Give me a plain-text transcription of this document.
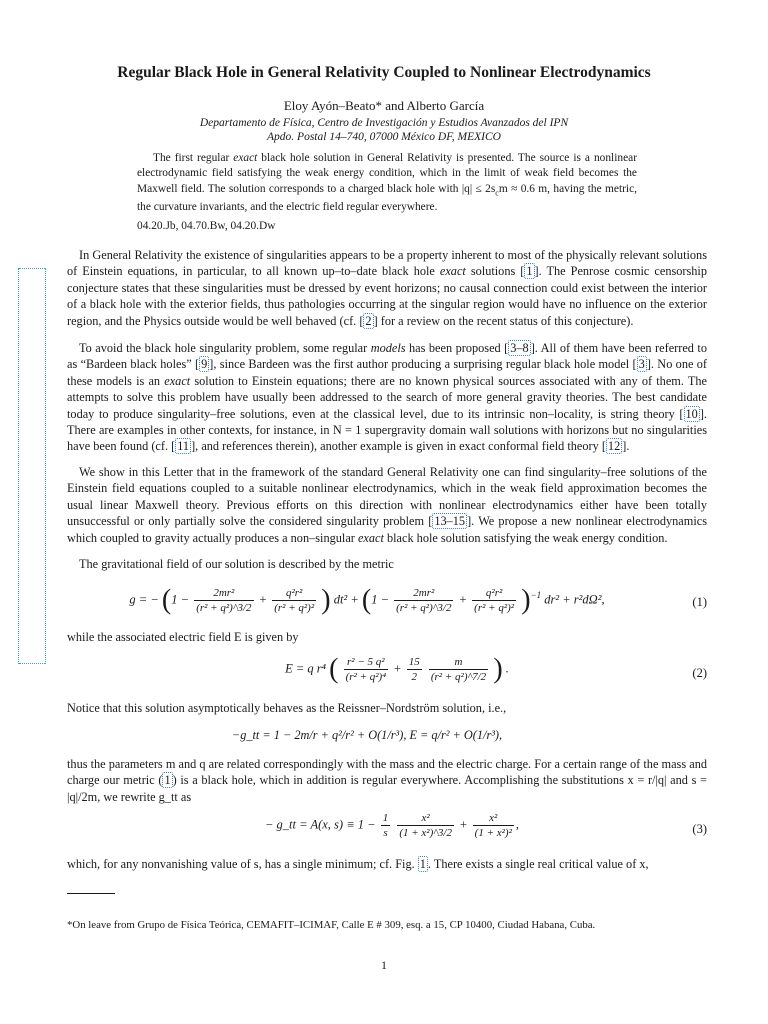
Regular Black Hole in General Relativity Coupled to Nonlinear Electrodynamics
Eloy Ayón–Beato* and Alberto García
Departamento de Física, Centro de Investigación y Estudios Avanzados del IPN
Apdo. Postal 14–740, 07000 México DF, MEXICO
The first regular exact black hole solution in General Relativity is presented. The source is a nonlinear electrodynamic field satisfying the weak energy condition, which in the limit of weak field becomes the Maxwell field. The solution corresponds to a charged black hole with $|q| \le 2s_cm \approx 0.6$ m, having the metric, the curvature invariants, and the electric field regular everywhere.
04.20.Jb, 04.70.Bw, 04.20.Dw
In General Relativity the existence of singularities appears to be a property inherent to most of the physically relevant solutions of Einstein equations, in particular, to all known up–to–date black hole exact solutions [ 1 ]. The Penrose cosmic censorship conjecture states that these singularities must be dressed by event horizons; no causal connection could exist between the interior of a black hole with the exterior fields, thus pathologies occurring at the singular region would have no influence on the exterior region, and the Physics outside would be well behaved (cf. [ 2 ] for a review on the recent status of this conjecture).
To avoid the black hole singularity problem, some regular models has been proposed [ 3–8 ]. All of them have been referred to as “Bardeen black holes” [ 9 ], since Bardeen was the first author producing a surprising regular black hole model [ 3 ]. No one of these models is an exact solution to Einstein equations; there are no known physical sources associated with any of them. The attempts to solve this problem have usually been addressed to the search of more general gravity theories. The best candidate today to produce singularity–free solutions, even at the classical level, due to its intrinsic non–locality, is string theory [ 10 ]. There are examples in other contexts, for instance, in N = 1 supergravity domain wall solutions with horizons but no singularities have been found (cf. [ 11 ], and references therein), another example is given in exact conformal field theory [ 12 ].
We show in this Letter that in the framework of the standard General Relativity one can find singularity–free solutions of the Einstein field equations coupled to a suitable nonlinear electrodynamics, which in the weak field approximation becomes the usual linear Maxwell theory. Previous efforts on this direction with nonlinear electrodynamics either have been totally unsuccessful or only partially solve the considered singularity problem [ 13–15 ]. We propose a new nonlinear electrodynamics which coupled to gravity actually produces a non–singular exact black hole solution satisfying the weak energy condition.
The gravitational field of our solution is described by the metric
g = − ($1 - \frac{\text{2mr²}}{\text{(r² + q²)\textasciicircum{}3/2}} + \frac{\text{q²r²}}{\text{(r² + q²)²}}$ ) $dt^2 + (1 - \frac{\text{2mr²}}{\text{(r² + q²)\textasciicircum{}3/2}} + \frac{\text{q²r²}}{\text{(r² + q²)²}} )^{-1}$ dr² + r²dΩ²,	(1)
while the associated electric field E is given by
E = q r⁴ ( $\frac{\text{r² − 5 q²}}{\text{(r² + q²)⁴}} + \frac{15}{2}$
$\frac{m}{\text{(r² + q²)\textasciicircum{}7/2}}$ ) .	(2)
Notice that this solution asymptotically behaves as the Reissner–Nordström solution, i.e.,
−g_tt = 1 − 2m/r + q²/r² + O(1/r³), E = q/r² + O(1/r³),
thus the parameters m and q are related correspondingly with the mass and the electric charge. For a certain range of the mass and charge our metric ( 1 ) is a black hole, which in addition is regular everywhere. Accomplishing the substitutions x = r/|q| and s = |q|/2m, we rewrite g_tt as
− g_tt = A(x, $s) \equiv 1 - \frac{1}{s}$
$\frac{\text{x²}}{\text{(1 + x²)\textasciicircum{}3/2}} + \frac{\text{x²}}{\text{(1 + x²)²}}$ ,	(3)
which, for any nonvanishing value of s, has a single minimum; cf. Fig. 1 . There exists a single real critical value of x,
*On leave from Grupo de Física Teórica, CEMAFIT–ICIMAF, Calle E # 309, esq. a 15, CP 10400, Ciudad Habana, Cuba.
1
